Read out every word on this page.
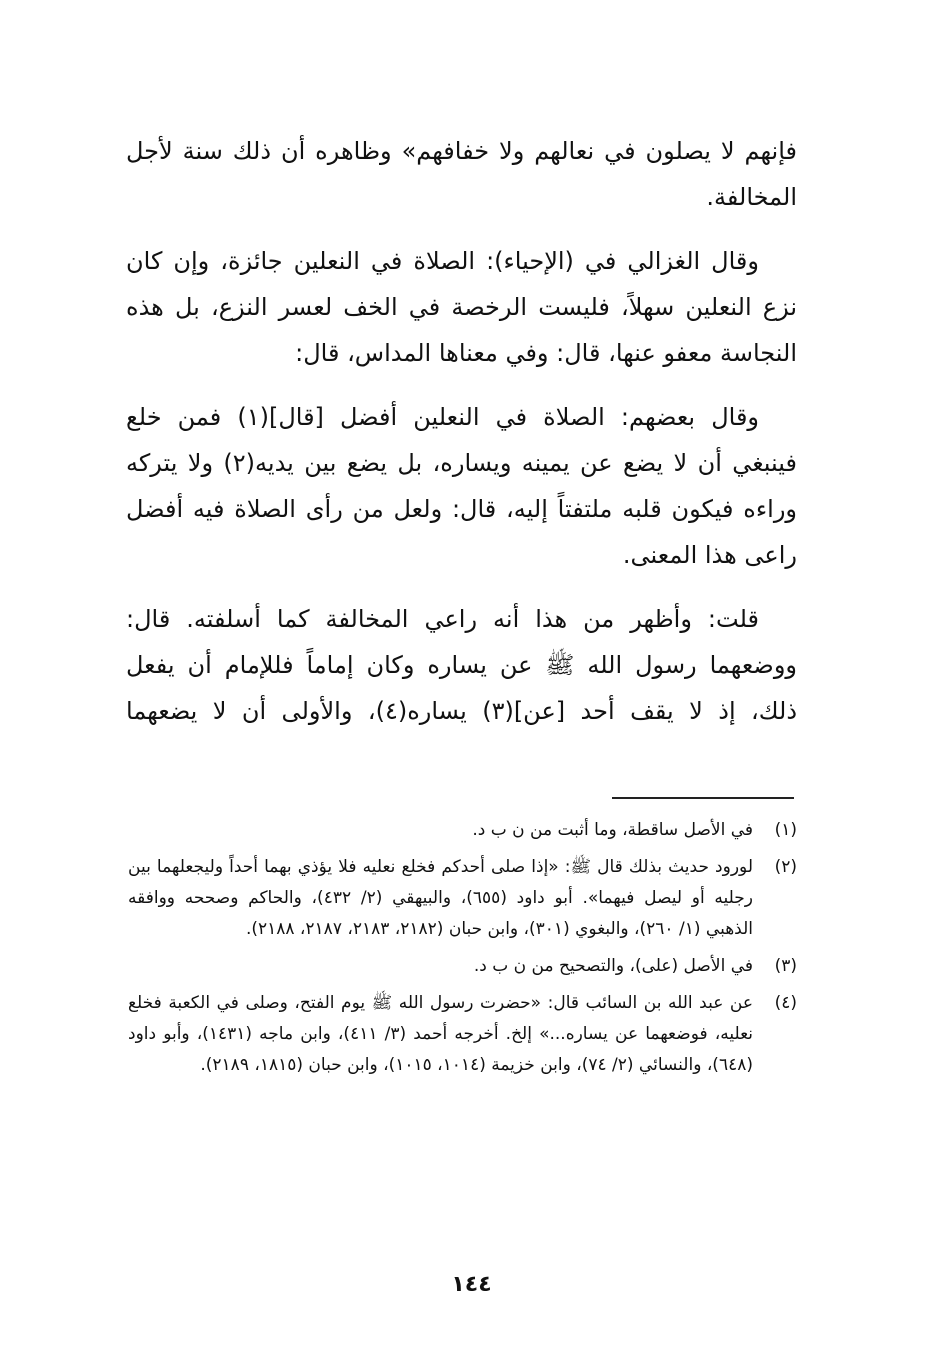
فإنهم لا يصلون في نعالهم ولا خفافهم» وظاهره أن ذلك سنة لأجل المخالفة.

وقال الغزالي في (الإحياء): الصلاة في النعلين جائزة، وإن كان نزع النعلين سهلاً، فليست الرخصة في الخف لعسر النزع، بل هذه النجاسة معفو عنها، قال: وفي معناها المداس، قال:

وقال بعضهم: الصلاة في النعلين أفضل [قال](١) فمن خلع فينبغي أن لا يضع عن يمينه ويساره، بل يضع بين يديه(٢) ولا يتركه وراءه فيكون قلبه ملتفتاً إليه، قال: ولعل من رأى الصلاة فيه أفضل راعى هذا المعنى.

قلت: وأظهر من هذا أنه راعي المخالفة كما أسلفته. قال: ووضعهما رسول الله ﷺ عن يساره وكان إماماً فللإمام أن يفعل ذلك، إذ لا يقف أحد [عن](٣) يساره(٤)، والأولى أن لا يضعهما

(١)
في الأصل ساقطة، وما أثبت من ن ب د.
(٢)
لورود حديث بذلك قال ﷺ: «إذا صلى أحدكم فخلع نعليه فلا يؤذي بهما أحداً وليجعلهما بين رجليه أو ليصل فيهما». أبو داود (٦٥٥)، والبيهقي (٢/ ٤٣٢)، والحاكم وصححه ووافقه الذهبي (١/ ٢٦٠)، والبغوي (٣٠١)، وابن حبان (٢١٨٢، ٢١٨٣، ٢١٨٧، ٢١٨٨).
(٣)
في الأصل (على)، والتصحيح من ن ب د.
(٤)
عن عبد الله بن السائب قال: «حضرت رسول الله ﷺ يوم الفتح، وصلى في الكعبة فخلع نعليه، فوضعهما عن يساره...» إلخ. أخرجه أحمد (٣/ ٤١١)، وابن ماجه (١٤٣١)، وأبو داود (٦٤٨)، والنسائي (٢/ ٧٤)، وابن خزيمة (١٠١٤، ١٠١٥)، وابن حبان (١٨١٥، ٢١٨٩).
١٤٤
